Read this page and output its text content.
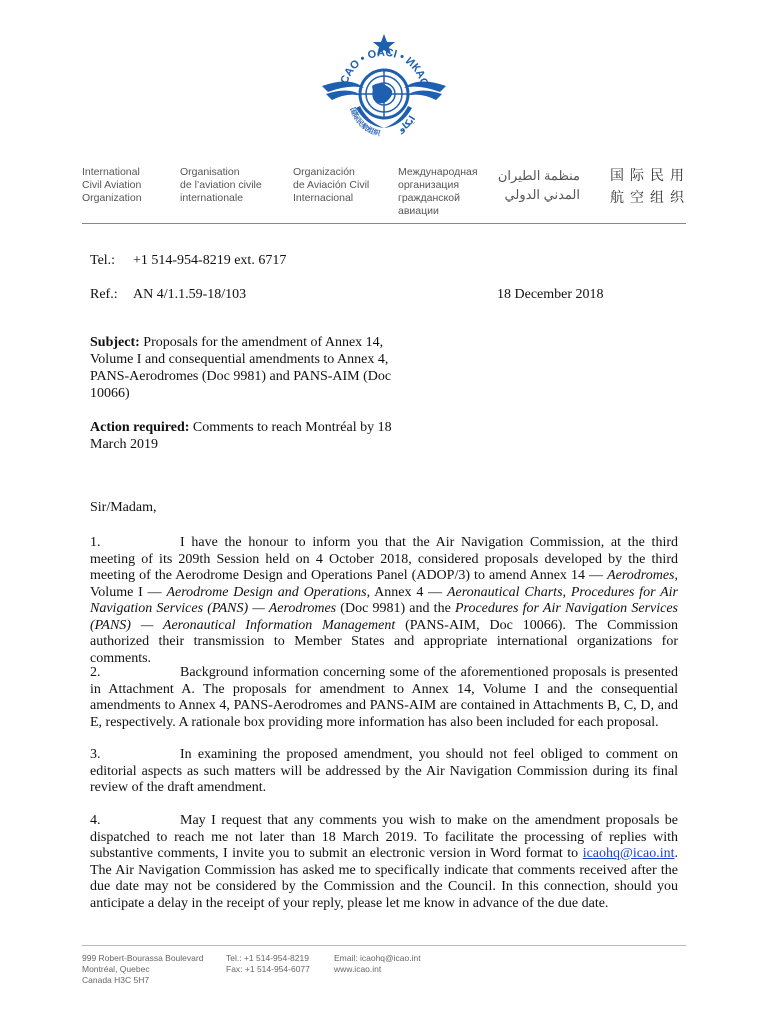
ICAO • OACI • ИКАО
国际民航组织 ايكاو
International
Civil Aviation
Organization
Organisation
de l’aviation civile
internationale
Organización
de Aviación Civil
Internacional
Международная
организация
гражданской
авиации
منظمة الطيران
المدني الدولي
国际民用
航空组织
Tel.: +1 514-954-8219 ext. 6717
Ref.: AN 4/1.1.59-18/103	18 December 2018
Subject: Proposals for the amendment of Annex 14, Volume I and consequential amendments to Annex 4, PANS-Aerodromes (Doc 9981) and PANS-AIM (Doc 10066)
Action required: Comments to reach Montréal by 18 March 2019
Sir/Madam,
1.	I have the honour to inform you that the Air Navigation Commission, at the third meeting of its 209th Session held on 4 October 2018, considered proposals developed by the third meeting of the Aerodrome Design and Operations Panel (ADOP/3) to amend Annex 14 — Aerodromes, Volume I — Aerodrome Design and Operations, Annex 4 — Aeronautical Charts, Procedures for Air Navigation Services (PANS) — Aerodromes (Doc 9981) and the Procedures for Air Navigation Services (PANS) — Aeronautical Information Management (PANS-AIM, Doc 10066). The Commission authorized their transmission to Member States and appropriate international organizations for comments.
2.	Background information concerning some of the aforementioned proposals is presented in Attachment A. The proposals for amendment to Annex 14, Volume I and the consequential amendments to Annex 4, PANS-Aerodromes and PANS-AIM are contained in Attachments B, C, D, and E, respectively. A rationale box providing more information has also been included for each proposal.
3.	In examining the proposed amendment, you should not feel obliged to comment on editorial aspects as such matters will be addressed by the Air Navigation Commission during its final review of the draft amendment.
4.	May I request that any comments you wish to make on the amendment proposals be dispatched to reach me not later than 18 March 2019. To facilitate the processing of replies with substantive comments, I invite you to submit an electronic version in Word format to icaohq@icao.int. The Air Navigation Commission has asked me to specifically indicate that comments received after the due date may not be considered by the Commission and the Council. In this connection, should you anticipate a delay in the receipt of your reply, please let me know in advance of the due date.
999 Robert-Bourassa Boulevard
Montréal, Quebec
Canada H3C 5H7
Tel.: +1 514-954-8219
Fax: +1 514-954-6077
Email: icaohq@icao.int
www.icao.int
